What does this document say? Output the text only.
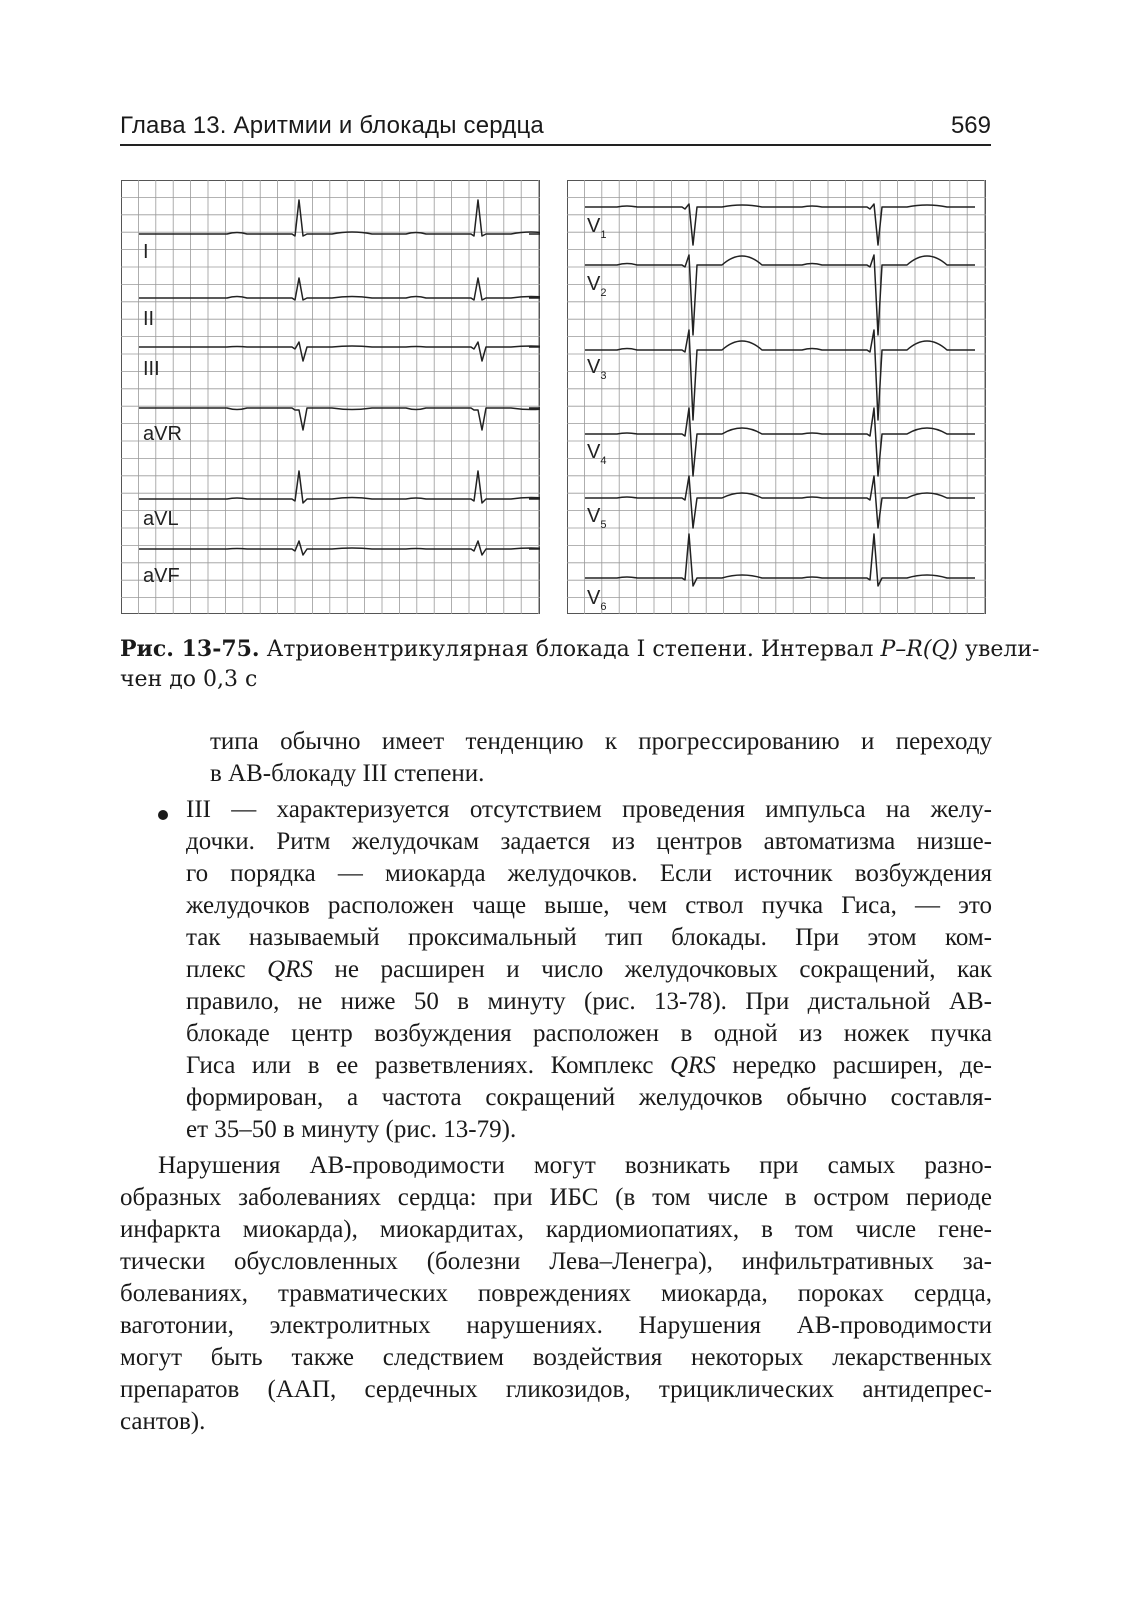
Глава 13. Аритмии и блокады сердца	569
I
II
III
aVR
aVL
aVF
$V_1$
$V_2$
$V_3$
$V_4$
$V_5$
$V_6$
Рис. 13-75. Атриовентрикулярная блокада I степени. Интервал P–R(Q) увели-
чен до 0,3 с
типа обычно имеет тенденцию к прогрессированию и переходу
в АВ-блокаду III степени.
III — характеризуется отсутствием проведения импульса на желу-
дочки. Ритм желудочкам задается из центров автоматизма низше-
го порядка — миокарда желудочков. Если источник возбуждения
желудочков расположен чаще выше, чем ствол пучка Гиса, — это
так называемый проксимальный тип блокады. При этом ком-
плекс QRS не расширен и число желудочковых сокращений, как
правило, не ниже 50 в минуту (рис. 13-78). При дистальной АВ-
блокаде центр возбуждения расположен в одной из ножек пучка
Гиса или в ее разветвлениях. Комплекс QRS нередко расширен, де-
формирован, а частота сокращений желудочков обычно составля-
ет 35–50 в минуту (рис. 13-79).
Нарушения АВ-проводимости могут возникать при самых разно-
образных заболеваниях сердца: при ИБС (в том числе в остром периоде
инфаркта миокарда), миокардитах, кардиомиопатиях, в том числе гене-
тически обусловленных (болезни Лева–Ленегра), инфильтративных за-
болеваниях, травматических повреждениях миокарда, пороках сердца,
ваготонии, электролитных нарушениях. Нарушения АВ-проводимости
могут быть также следствием воздействия некоторых лекарственных
препаратов (ААП, сердечных гликозидов, трициклических антидепрес-
сантов).
